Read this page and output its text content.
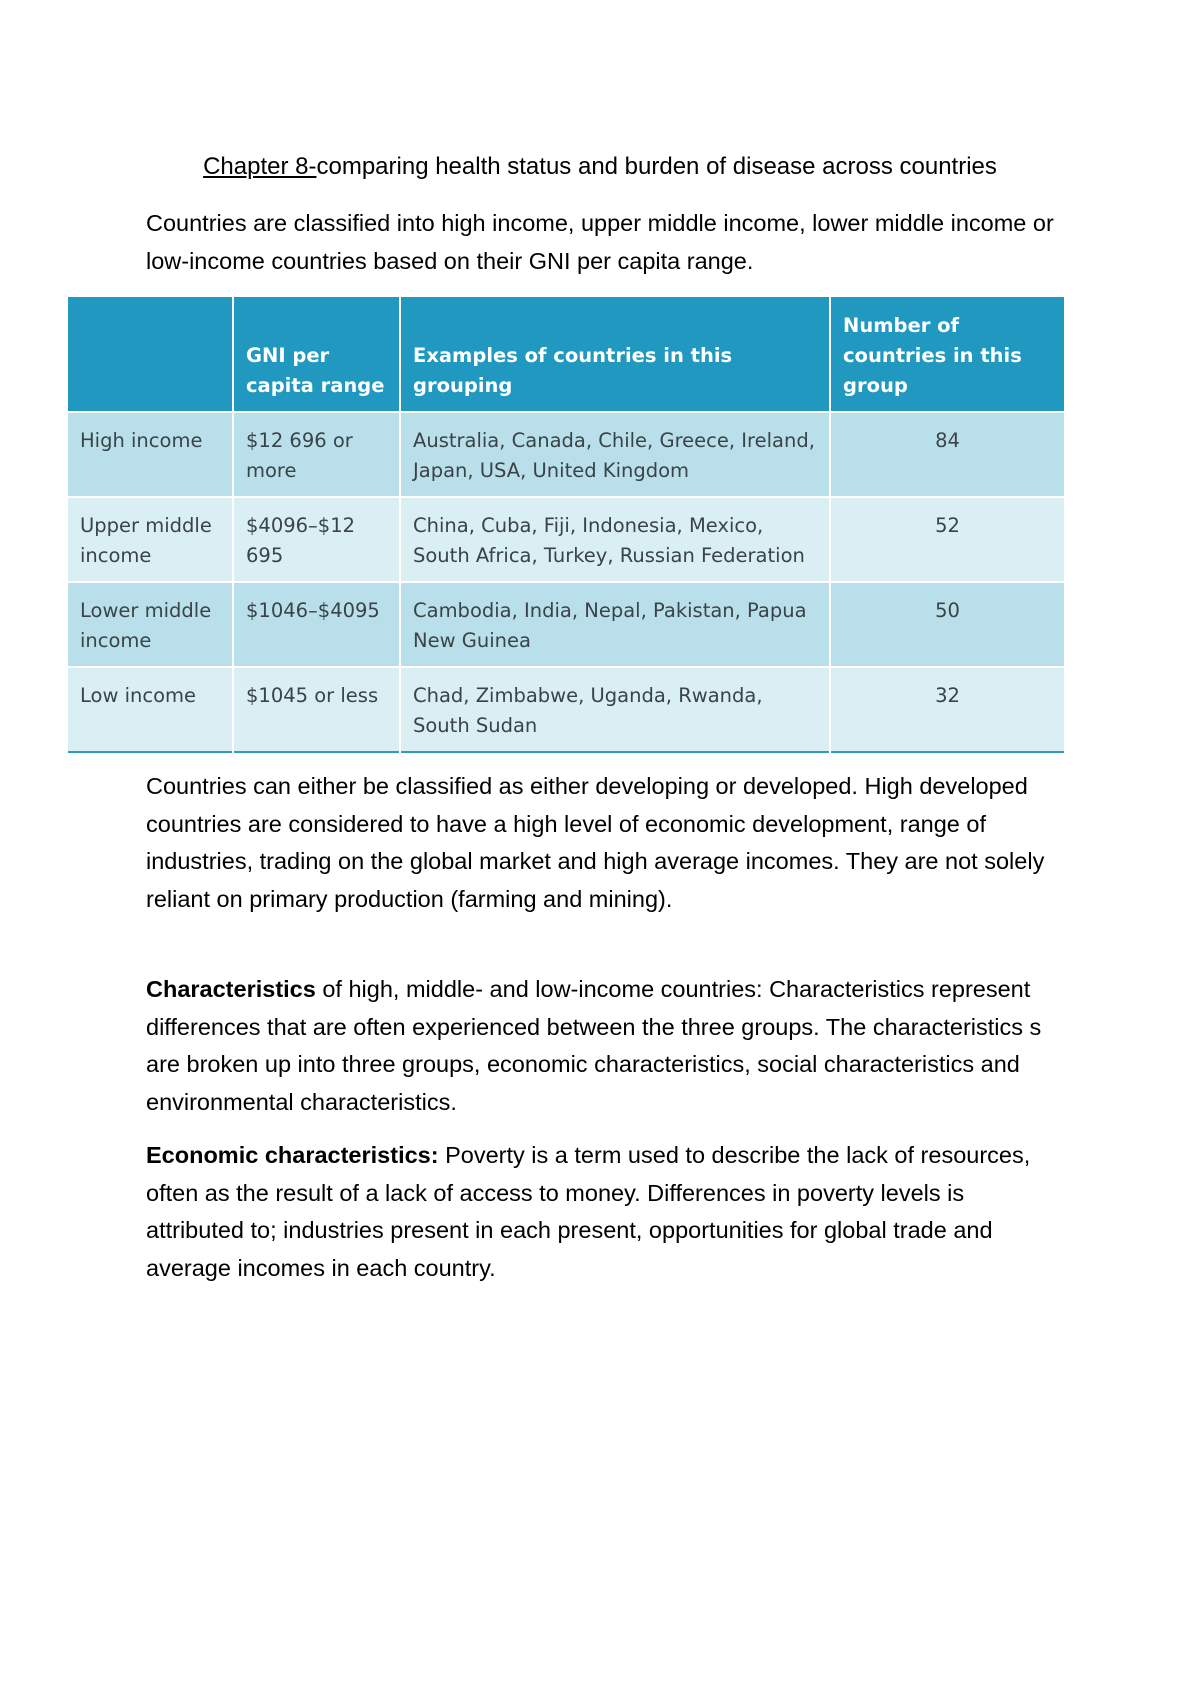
Chapter 8-comparing health status and burden of disease across countries

Countries are classified into high income, upper middle income, lower middle income or low-income countries based on their GNI per capita range.

	GNI per capita range	Examples of countries in this grouping	Number of countries in this group
High income	$12 696 or more	Australia, Canada, Chile, Greece, Ireland, Japan, USA, United Kingdom	84
Upper middle income	$4096–$12 695	China, Cuba, Fiji, Indonesia, Mexico, South Africa, Turkey, Russian Federation	52
Lower middle income	$1046–$4095	Cambodia, India, Nepal, Pakistan, Papua New Guinea	50
Low income	$1045 or less	Chad, Zimbabwe, Uganda, Rwanda, South Sudan	32

Countries can either be classified as either developing or developed. High developed countries are considered to have a high level of economic development, range of industries, trading on the global market and high average incomes. They are not solely reliant on primary production (farming and mining).

Characteristics of high, middle- and low-income countries: Characteristics represent differences that are often experienced between the three groups. The characteristics s are broken up into three groups, economic characteristics, social characteristics and environmental characteristics.

Economic characteristics: Poverty is a term used to describe the lack of resources, often as the result of a lack of access to money. Differences in poverty levels is attributed to; industries present in each present, opportunities for global trade and average incomes in each country.
